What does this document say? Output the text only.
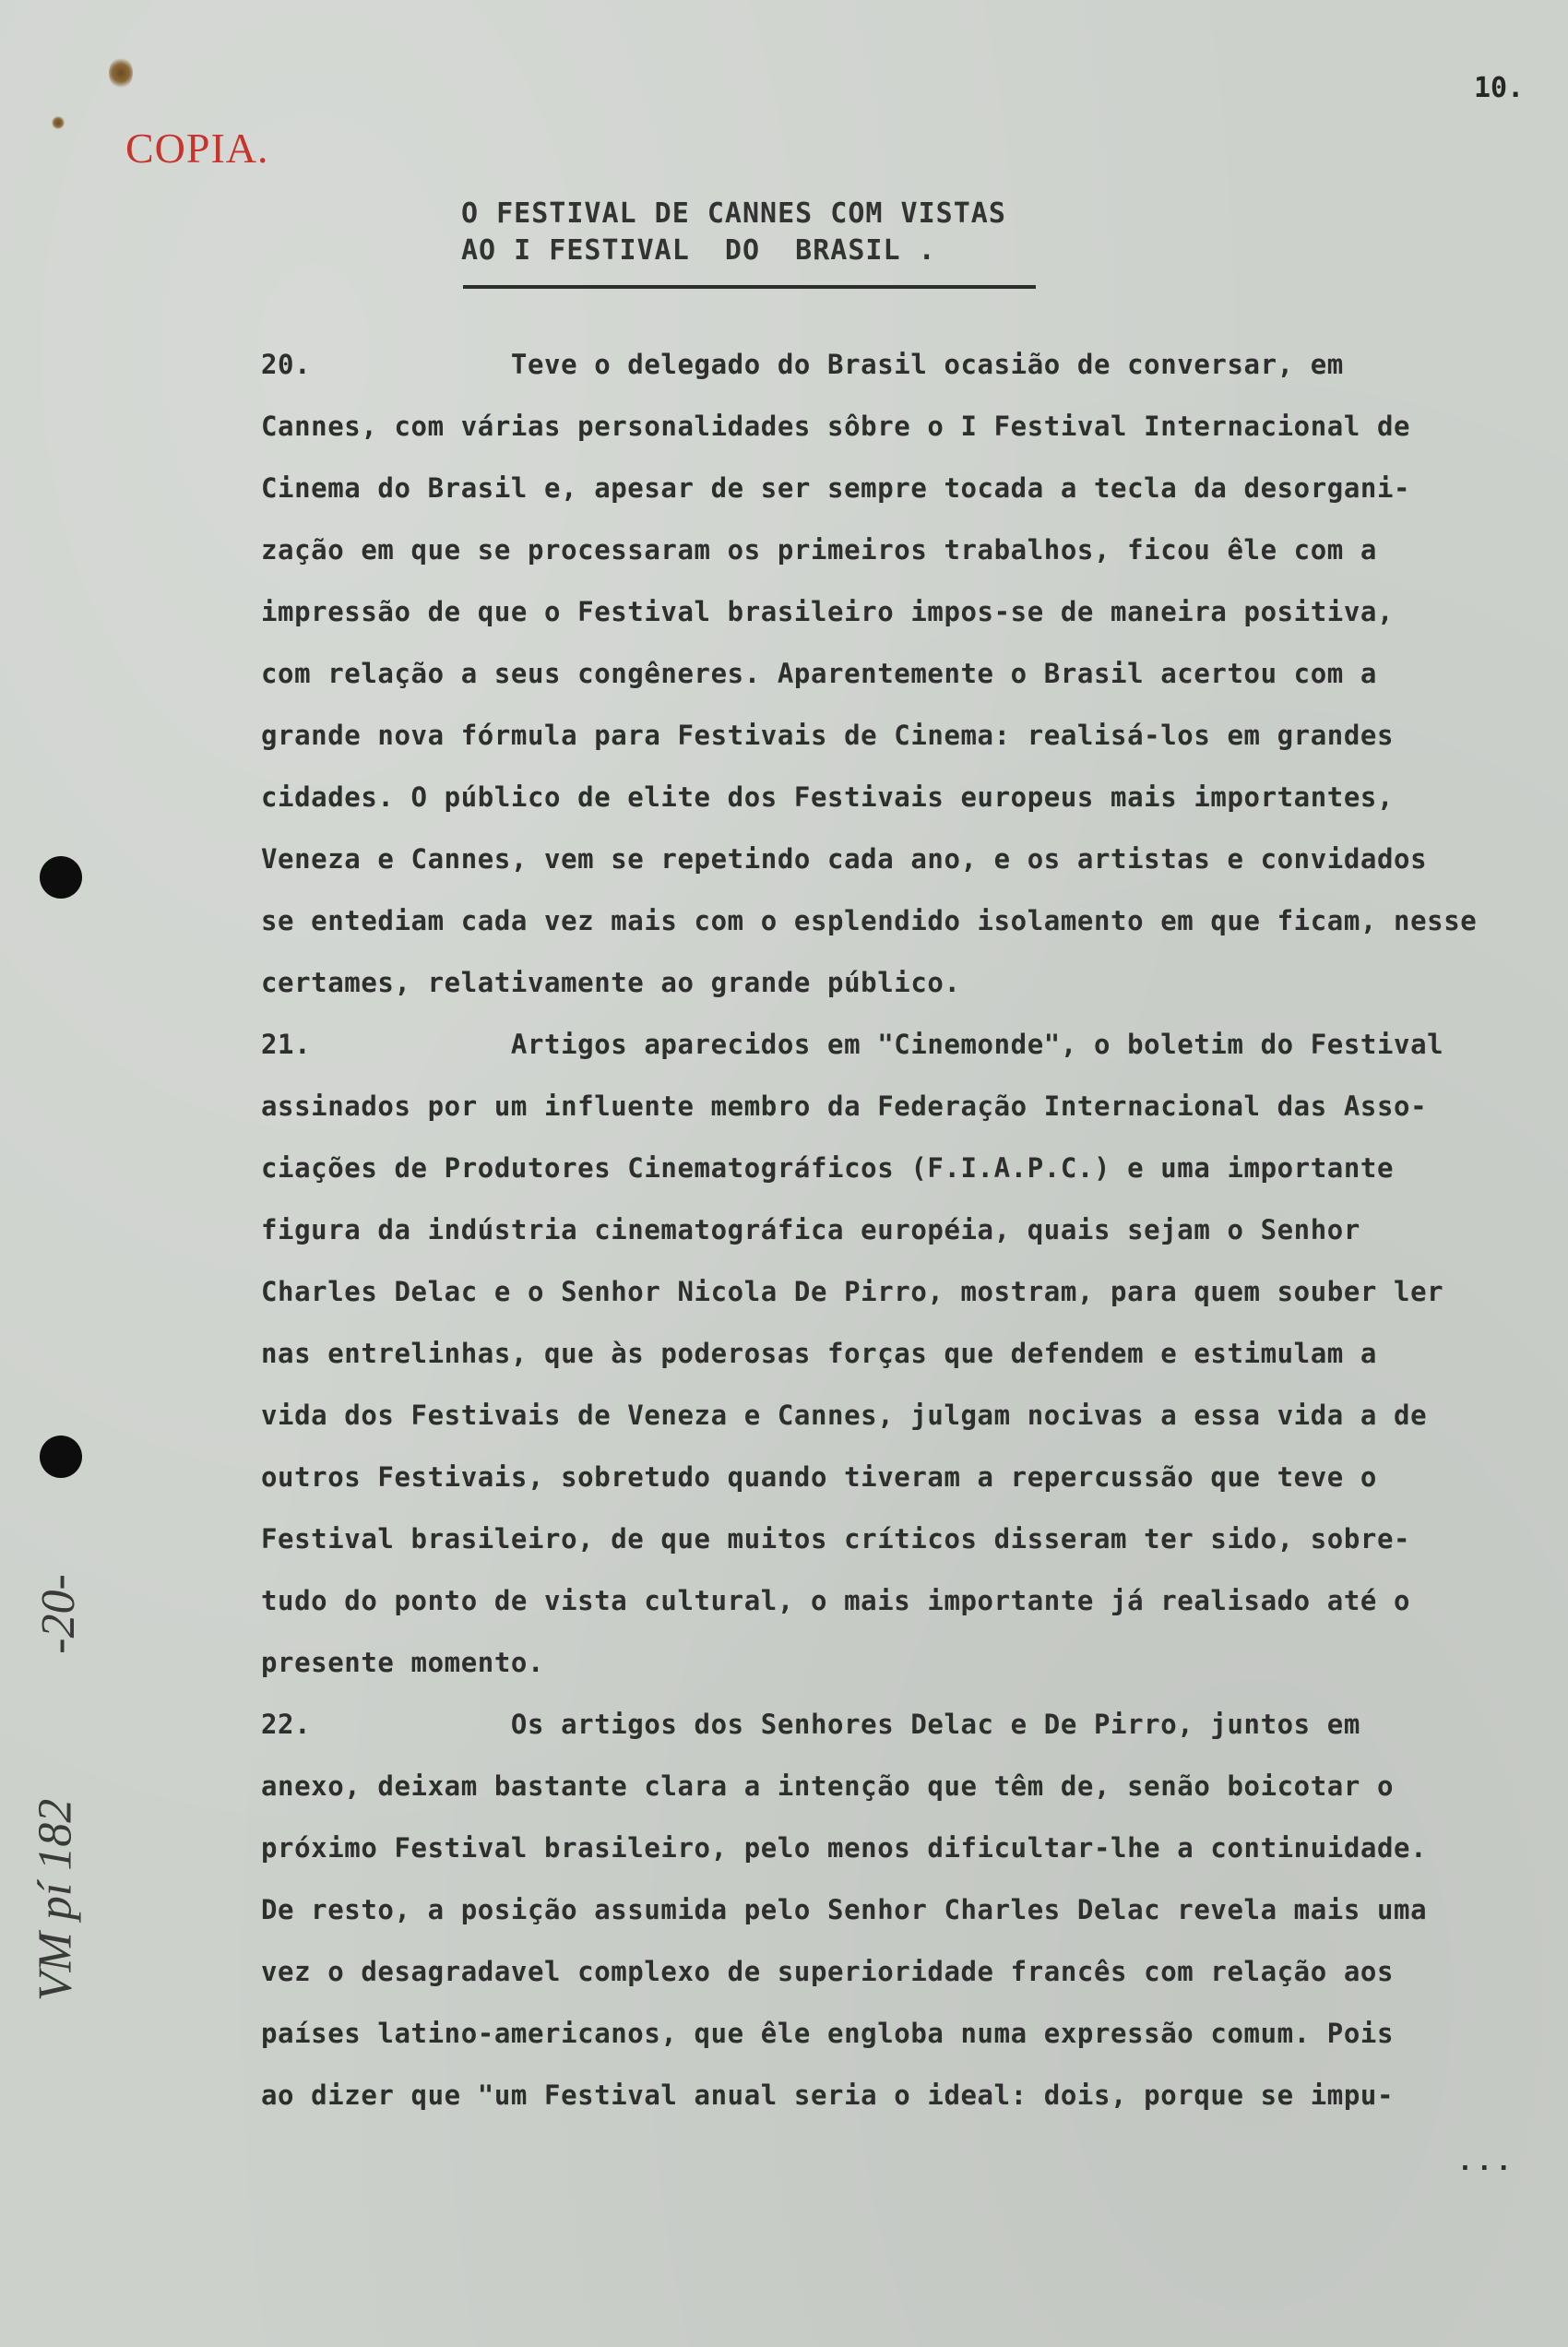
COPIA.
10.
O FESTIVAL DE CANNES COM VISTAS
AO I FESTIVAL  DO  BRASIL .
20.            Teve o delegado do Brasil ocasião de conversar, em
Cannes, com várias personalidades sôbre o I Festival Internacional de
Cinema do Brasil e, apesar de ser sempre tocada a tecla da desorgani-
zação em que se processaram os primeiros trabalhos, ficou êle com a
impressão de que o Festival brasileiro impos-se de maneira positiva,
com relação a seus congêneres. Aparentemente o Brasil acertou com a
grande nova fórmula para Festivais de Cinema: realisá-los em grandes
cidades. O público de elite dos Festivais europeus mais importantes,
Veneza e Cannes, vem se repetindo cada ano, e os artistas e convidados
se entediam cada vez mais com o esplendido isolamento em que ficam, nesse
certames, relativamente ao grande público.
21.            Artigos aparecidos em "Cinemonde", o boletim do Festival
assinados por um influente membro da Federação Internacional das Asso-
ciações de Produtores Cinematográficos (F.I.A.P.C.) e uma importante
figura da indústria cinematográfica européia, quais sejam o Senhor
Charles Delac e o Senhor Nicola De Pirro, mostram, para quem souber ler
nas entrelinhas, que às poderosas forças que defendem e estimulam a
vida dos Festivais de Veneza e Cannes, julgam nocivas a essa vida a de
outros Festivais, sobretudo quando tiveram a repercussão que teve o
Festival brasileiro, de que muitos críticos disseram ter sido, sobre-
tudo do ponto de vista cultural, o mais importante já realisado até o
presente momento.
22.            Os artigos dos Senhores Delac e De Pirro, juntos em
anexo, deixam bastante clara a intenção que têm de, senão boicotar o
próximo Festival brasileiro, pelo menos dificultar-lhe a continuidade.
De resto, a posição assumida pelo Senhor Charles Delac revela mais uma
vez o desagradavel complexo de superioridade francês com relação aos
países latino-americanos, que êle engloba numa expressão comum. Pois
ao dizer que "um Festival anual seria o ideal: dois, porque se impu-
...
-20-
VM pí 182
